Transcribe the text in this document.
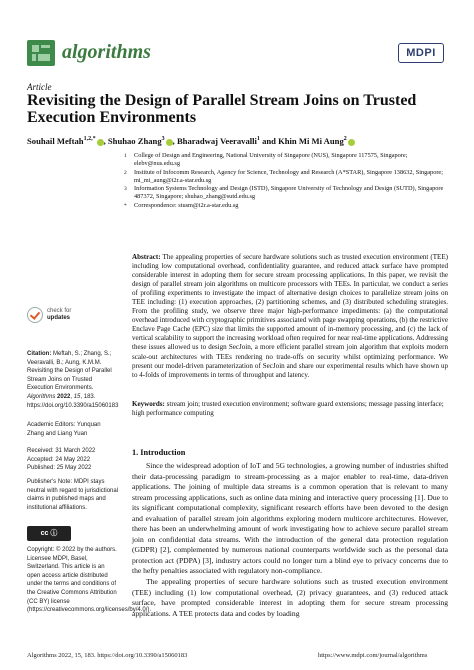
algorithms	MDPI
Article
Revisiting the Design of Parallel Stream Joins on Trusted Execution Environments
Souhail Meftah$^{1,2,*}$ , Shuhao Zhang$^3$ , Bharadwaj Veeravalli$^1$ and Khin Mi Mi Aung$^2$
1 College of Design and Engineering, National University of Singapore (NUS), Singapore 117575, Singapore; elebv@nus.edu.sg
2 Institute of Infocomm Research, Agency for Science, Technology and Research (A*STAR), Singapore 138632, Singapore; mi_mi_aung@i2r.a-star.edu.sg
3 Information Systems Technology and Design (ISTD), Singapore University of Technology and Design (SUTD), Singapore 487372, Singapore; shuhao_zhang@sutd.edu.sg
* Correspondence: stusm@i2r.a-star.edu.sg
check for
updates
Citation: Meftah, S.; Zhang, S.; Veeravalli, B.; Aung, K.M.M. Revisiting the Design of Parallel Stream Joins on Trusted Execution Environments. Algorithms 2022, 15, 183. https://doi.org/10.3390/a15060183
Academic Editors: Yunquan Zhang and Liang Yuan
Received: 31 March 2022
Accepted: 24 May 2022
Published: 25 May 2022
Publisher's Note: MDPI stays neutral with regard to jurisdictional claims in published maps and institutional affiliations.
cc ⓘ
Copyright: © 2022 by the authors. Licensee MDPI, Basel, Switzerland. This article is an open access article distributed under the terms and conditions of the Creative Commons Attribution (CC BY) license (https://creativecommons.org/licenses/by/4.0/).
Abstract: The appealing properties of secure hardware solutions such as trusted execution environment (TEE) including low computational overhead, confidentiality guarantee, and reduced attack surface have prompted considerable interest in adopting them for secure stream processing applications. In this paper, we revisit the design of parallel stream join algorithms on multicore processors with TEEs. In particular, we conduct a series of profiling experiments to investigate the impact of alternative design choices to parallelize stream joins on TEE including: (1) execution approaches, (2) partitioning schemes, and (3) distributed scheduling strategies. From the profiling study, we observe three major high-performance impediments: (a) the computational overhead introduced with cryptographic primitives associated with page swapping operations, (b) the restrictive Enclave Page Cache (EPC) size that limits the supported amount of in-memory processing, and (c) the lack of vertical scalability to support the increasing workload often required for near real-time applications. Addressing these issues allowed us to design SecJoin, a more efficient parallel stream join algorithm that exploits modern scale-out architectures with TEEs rendering no trade-offs on security whilst optimizing performance. We present our model-driven parameterization of SecJoin and share our experimental results which have shown up to 4-folds of improvements in terms of throughput and latency.
Keywords: stream join; trusted execution environment; software guard extensions; message passing interface; high performance computing
1. Introduction
Since the widespread adoption of IoT and 5G technologies, a growing number of industries shifted their data-processing paradigm to stream-processing as a major enabler to real-time, data-driven applications. The joining of multiple data streams is a common operation that is relevant to many stream processing applications, such as online data mining and interactive query processing [1]. Due to its significant computational complexity, significant research efforts have been devoted to the design and evaluation of parallel stream join algorithms exploring modern multicore architectures. However, there has been an underwhelming amount of work investigating how to achieve secure parallel stream join on confidential data streams. With the introduction of the general data protection regulation (GDPR) [2], complemented by numerous national counterparts worldwide such as the personal data protection act (PDPA) [3], industry actors could no longer turn a blind eye to privacy concerns due to the hefty penalties associated with regulatory non-compliance.
The appealing properties of secure hardware solutions such as trusted execution environment (TEE) including (1) low computational overhead, (2) privacy guarantees, and (3) reduced attack surface, have prompted considerable interest in adopting them for secure stream processing applications. A TEE protects data and codes by loading
Algorithms 2022, 15, 183. https://doi.org/10.3390/a15060183	https://www.mdpi.com/journal/algorithms
